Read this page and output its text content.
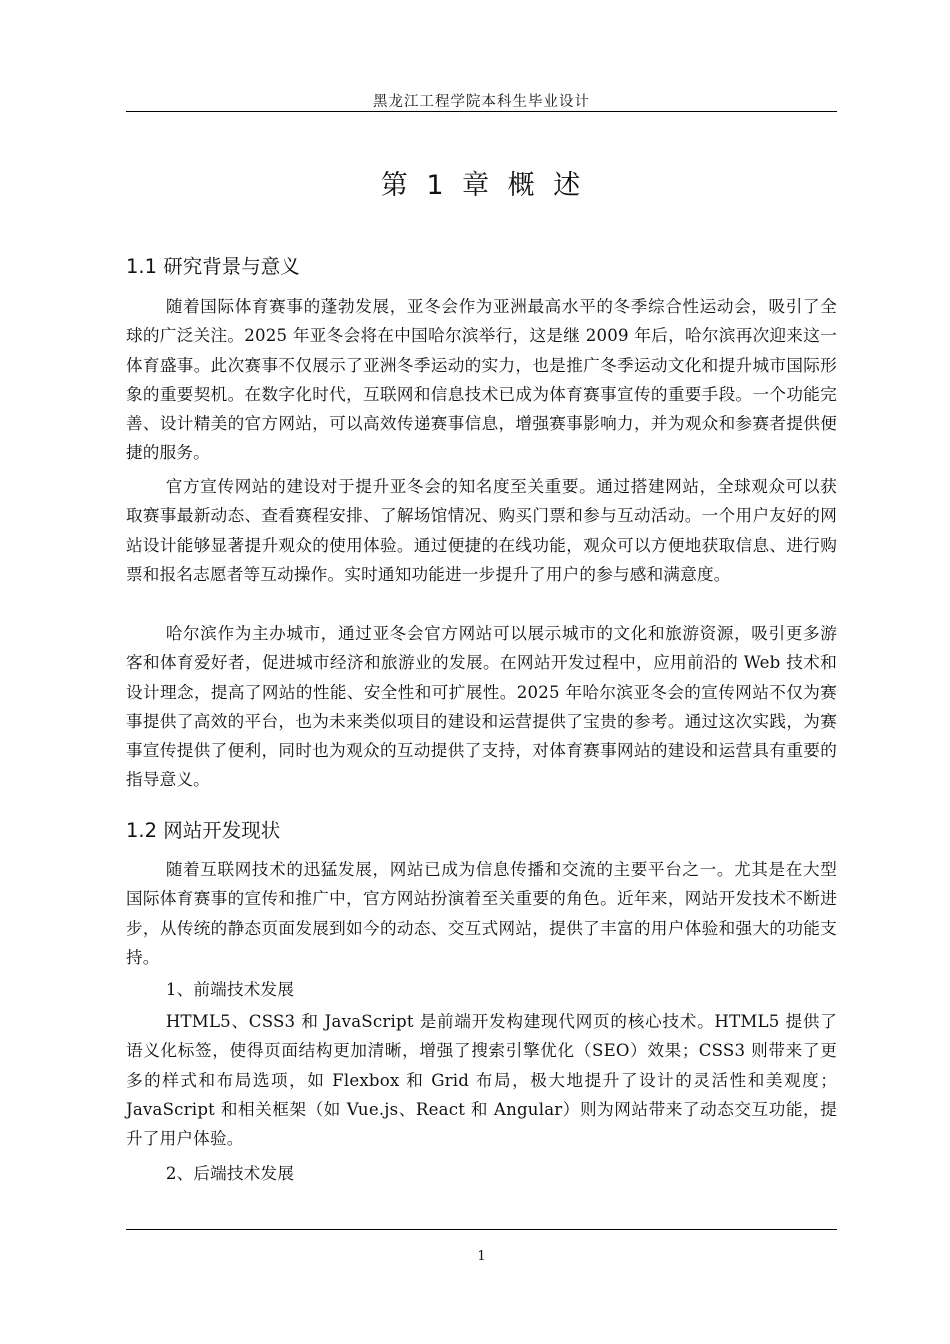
黑龙江工程学院本科生毕业设计
第 1 章 概 述
1.1 研究背景与意义

随着国际体育赛事的蓬勃发展，亚冬会作为亚洲最高水平的冬季综合性运动会，吸引了全球的广泛关注。2025 年亚冬会将在中国哈尔滨举行，这是继 2009 年后，哈尔滨再次迎来这一体育盛事。此次赛事不仅展示了亚洲冬季运动的实力，也是推广冬季运动文化和提升城市国际形象的重要契机。在数字化时代，互联网和信息技术已成为体育赛事宣传的重要手段。一个功能完善、设计精美的官方网站，可以高效传递赛事信息，增强赛事影响力，并为观众和参赛者提供便捷的服务。

官方宣传网站的建设对于提升亚冬会的知名度至关重要。通过搭建网站，全球观众可以获取赛事最新动态、查看赛程安排、了解场馆情况、购买门票和参与互动活动。一个用户友好的网站设计能够显著提升观众的使用体验。通过便捷的在线功能，观众可以方便地获取信息、进行购票和报名志愿者等互动操作。实时通知功能进一步提升了用户的参与感和满意度。

哈尔滨作为主办城市，通过亚冬会官方网站可以展示城市的文化和旅游资源，吸引更多游客和体育爱好者，促进城市经济和旅游业的发展。在网站开发过程中，应用前沿的 Web 技术和设计理念，提高了网站的性能、安全性和可扩展性。2025 年哈尔滨亚冬会的宣传网站不仅为赛事提供了高效的平台，也为未来类似项目的建设和运营提供了宝贵的参考。通过这次实践，为赛事宣传提供了便利，同时也为观众的互动提供了支持，对体育赛事网站的建设和运营具有重要的指导意义。

1.2 网站开发现状

随着互联网技术的迅猛发展，网站已成为信息传播和交流的主要平台之一。尤其是在大型国际体育赛事的宣传和推广中，官方网站扮演着至关重要的角色。近年来，网站开发技术不断进步，从传统的静态页面发展到如今的动态、交互式网站，提供了丰富的用户体验和强大的功能支持。

1、前端技术发展

HTML5、CSS3 和 JavaScript 是前端开发构建现代网页的核心技术。HTML5 提供了语义化标签，使得页面结构更加清晰，增强了搜索引擎优化（SEO）效果；CSS3 则带来了更多的样式和布局选项，如 Flexbox 和 Grid 布局，极大地提升了设计的灵活性和美观度；JavaScript 和相关框架（如 Vue.js、React 和 Angular）则为网站带来了动态交互功能，提升了用户体验。

2、后端技术发展

1
